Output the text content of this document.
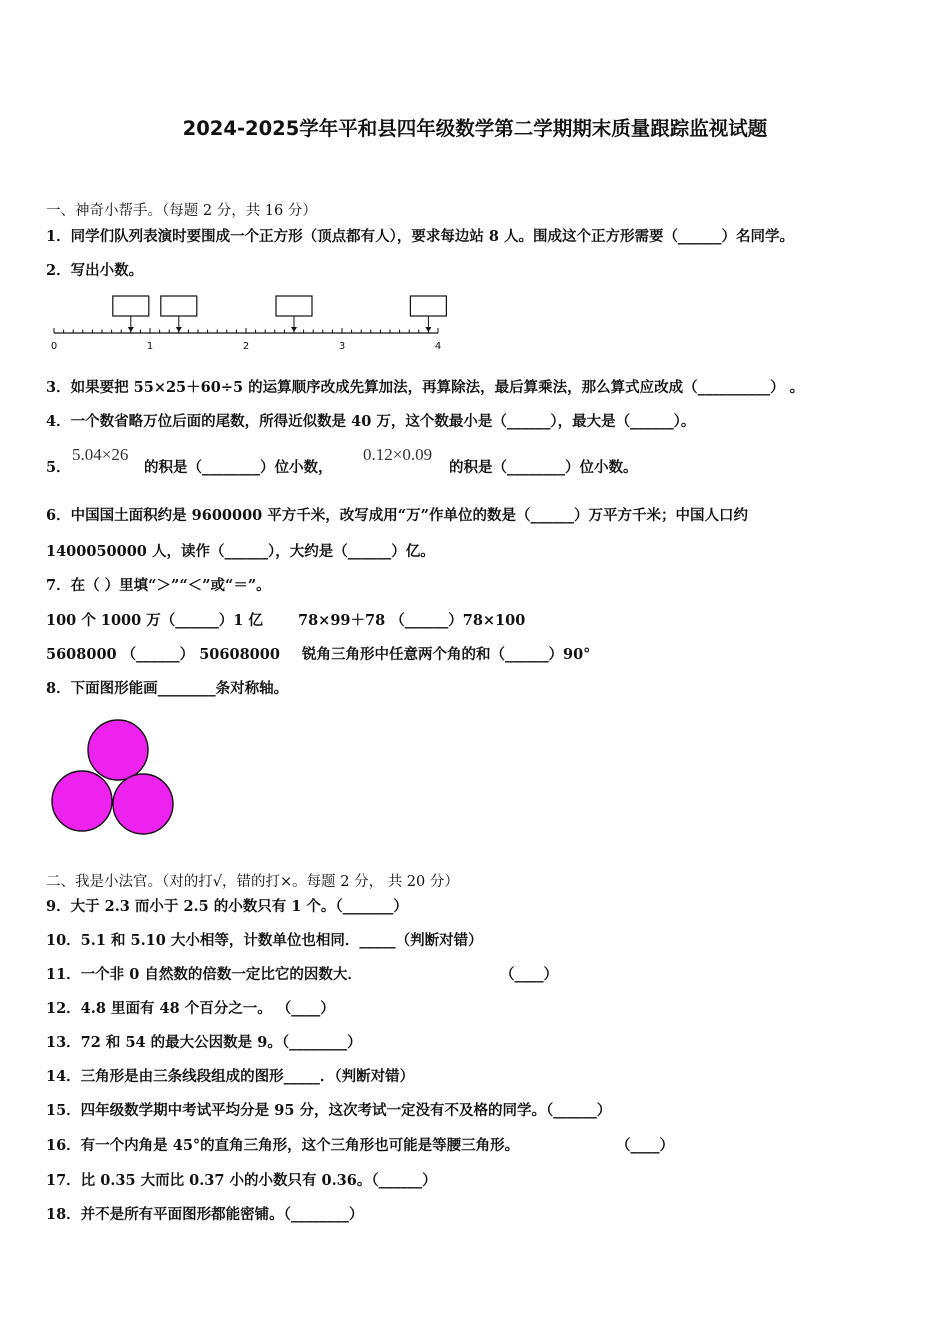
2024-2025学年平和县四年级数学第二学期期末质量跟踪监视试题
一、神奇小帮手。（每题 2 分，共 16 分）
1．同学们队列表演时要围成一个正方形（顶点都有人），要求每边站 8 人。围成这个正方形需要（______）名同学。
2．写出小数。
0	1	2	3	4
3．如果要把 55×25＋60÷5 的运算顺序改成先算加法，再算除法，最后算乘法，那么算式应改成（__________） 。
4．一个数省略万位后面的尾数，所得近似数是 40 万，这个数最小是（______），最大是（______）。
5．
5.04×26
的积是（________）位小数，
0.12×0.09
的积是（________）位小数。
6．中国国土面积约是 9600000 平方千米，改写成用“万”作单位的数是（______）万平方千米；中国人口约
1400050000 人，读作（______），大约是（______）亿。
7．在（ ）里填“＞”“＜”或“＝”。
100 个 1000 万（______）1 亿 78×99＋78 （______）78×100
5608000 （______） 50608000 锐角三角形中任意两个角的和（______）90°
8．下面图形能画________条对称轴。
二、我是小法官。（对的打√，错的打×。每题 2 分， 共 20 分）
9．大于 2.3 而小于 2.5 的小数只有 1 个。（_______）
10．5.1 和 5.10 大小相等，计数单位也相同．_____（判断对错）
11．一个非 0 自然数的倍数一定比它的因数大．	（____）
12．4.8 里面有 48 个百分之一。 （____）
13．72 和 54 的最大公因数是 9。（________）
14．三角形是由三条线段组成的图形_____．（判断对错）
15．四年级数学期中考试平均分是 95 分，这次考试一定没有不及格的同学。（______）
16．有一个内角是 45°的直角三角形，这个三角形也可能是等腰三角形。	（____）
17．比 0.35 大而比 0.37 小的小数只有 0.36。（______）
18．并不是所有平面图形都能密铺。（________）
